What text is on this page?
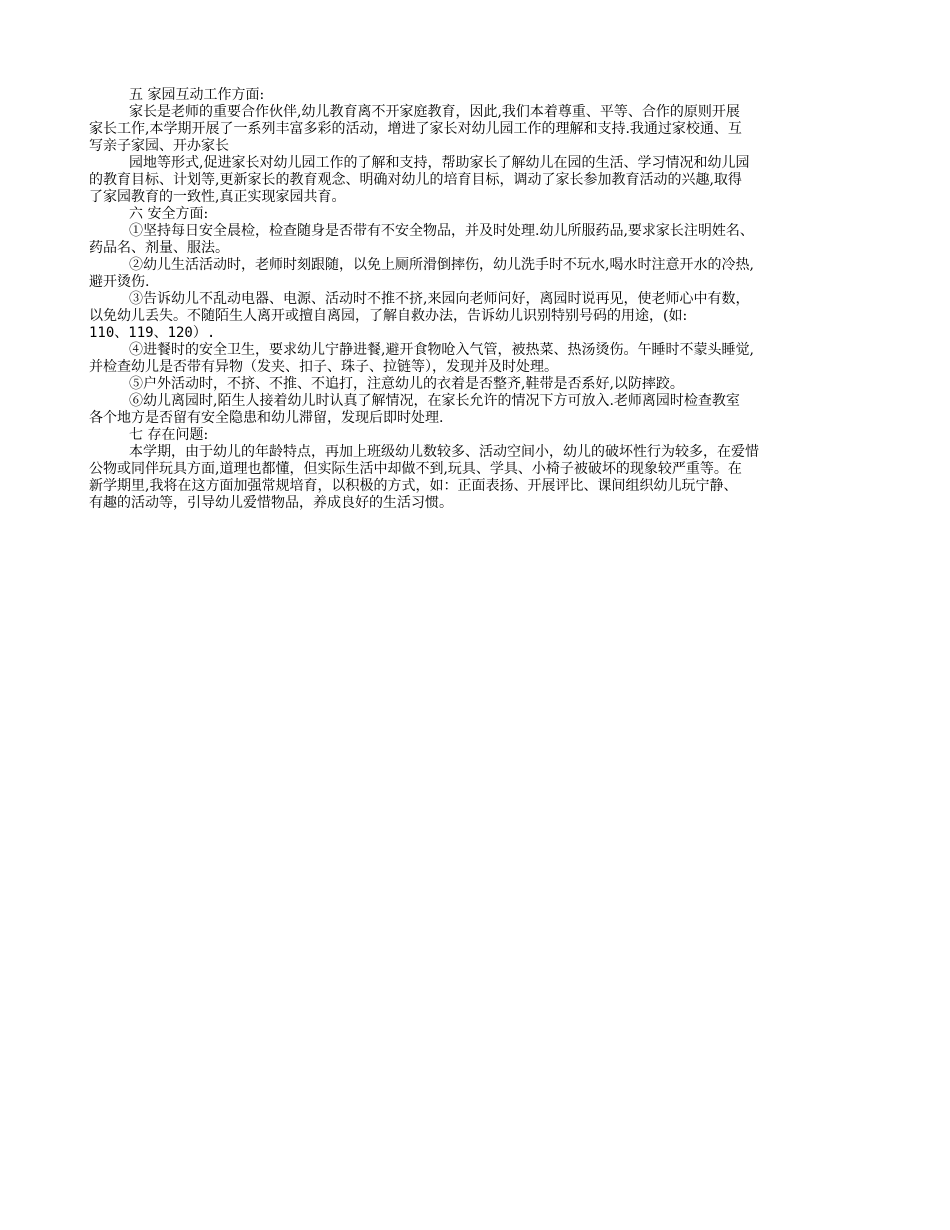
五 家园互动工作方面:
家长是老师的重要合作伙伴,幼儿教育离不开家庭教育，因此,我们本着尊重、平等、合作的原则开展
家长工作,本学期开展了一系列丰富多彩的活动，增进了家长对幼儿园工作的理解和支持.我通过家校通、互
写亲子家园、开办家长
园地等形式,促进家长对幼儿园工作的了解和支持，帮助家长了解幼儿在园的生活、学习情况和幼儿园
的教育目标、计划等,更新家长的教育观念、明确对幼儿的培育目标，调动了家长参加教育活动的兴趣,取得
了家园教育的一致性,真正实现家园共育。
六 安全方面:
①坚持每日安全晨检，检查随身是否带有不安全物品，并及时处理.幼儿所服药品,要求家长注明姓名、
药品名、剂量、服法。
②幼儿生活活动时，老师时刻跟随，以免上厕所滑倒摔伤，幼儿洗手时不玩水,喝水时注意开水的冷热,
避开烫伤.
③告诉幼儿不乱动电器、电源、活动时不推不挤,来园向老师问好，离园时说再见，使老师心中有数，
以免幼儿丢失。不随陌生人离开或擅自离园，了解自救办法，告诉幼儿识别特别号码的用途，(如:
110、119、120）.
④进餐时的安全卫生，要求幼儿宁静进餐,避开食物呛入气管，被热菜、热汤烫伤。午睡时不蒙头睡觉,
并检查幼儿是否带有异物（发夹、扣子、珠子、拉链等），发现并及时处理。
⑤户外活动时，不挤、不推、不追打，注意幼儿的衣着是否整齐,鞋带是否系好,以防摔跤。
⑥幼儿离园时,陌生人接着幼儿时认真了解情况，在家长允许的情况下方可放入.老师离园时检查教室
各个地方是否留有安全隐患和幼儿滞留，发现后即时处理.
七 存在问题:
本学期，由于幼儿的年龄特点，再加上班级幼儿数较多、活动空间小，幼儿的破坏性行为较多，在爱惜
公物或同伴玩具方面,道理也都懂，但实际生活中却做不到,玩具、学具、小椅子被破坏的现象较严重等。在
新学期里,我将在这方面加强常规培育，以积极的方式，如：正面表扬、开展评比、课间组织幼儿玩宁静、
有趣的活动等，引导幼儿爱惜物品，养成良好的生活习惯。
